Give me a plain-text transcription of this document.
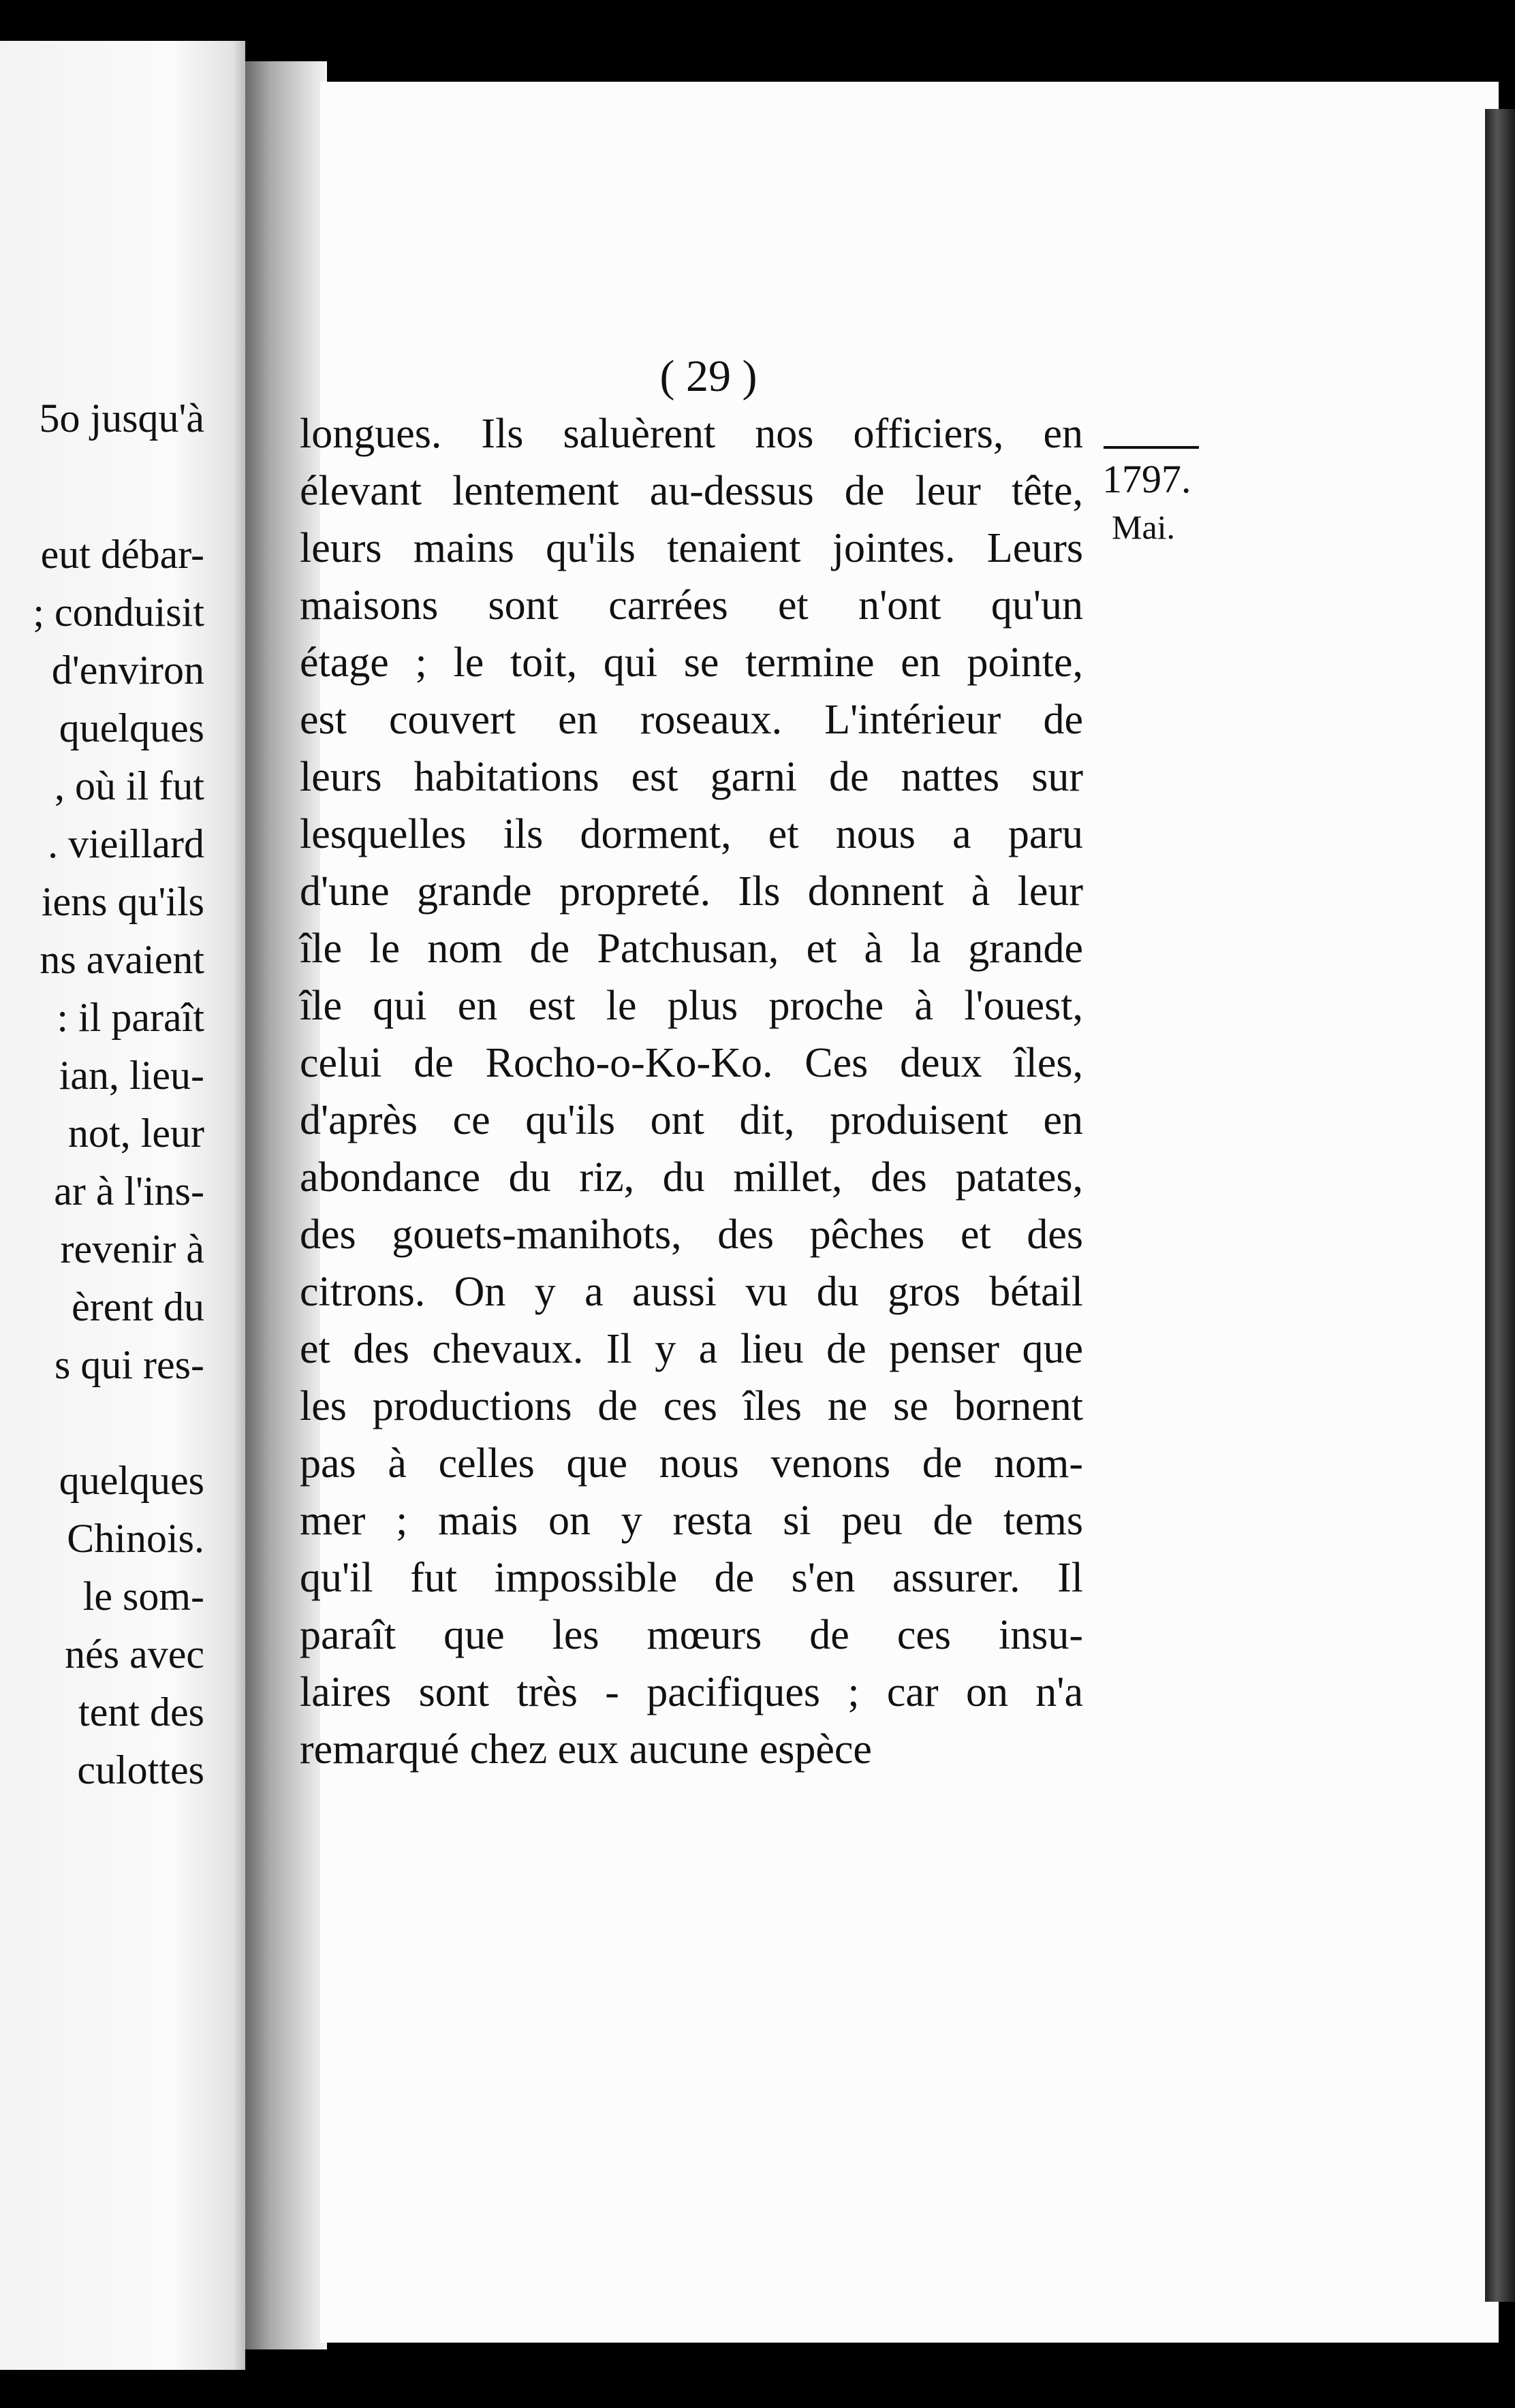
5o jusqu'à
eut débar-
; conduisit
d'environ
quelques
, où il fut
. vieillard
iens qu'ils
ns avaient
: il paraît
ian, lieu-
not, leur
ar à l'ins-
revenir à
èrent du
s qui res-
quelques
Chinois.
le som-
nés avec
tent des
culottes
( 29 )
1797.
Mai.
longues. Ils saluèrent nos officiers, en
élevant lentement au-dessus de leur tête,
leurs mains qu'ils tenaient jointes. Leurs
maisons sont carrées et n'ont qu'un
étage ; le toit, qui se termine en pointe,
est couvert en roseaux. L'intérieur de
leurs habitations est garni de nattes sur
lesquelles ils dorment, et nous a paru
d'une grande propreté. Ils donnent à leur
île le nom de Patchusan, et à la grande
île qui en est le plus proche à l'ouest,
celui de Rocho-o-Ko-Ko. Ces deux îles,
d'après ce qu'ils ont dit, produisent en
abondance du riz, du millet, des patates,
des gouets-manihots, des pêches et des
citrons. On y a aussi vu du gros bétail
et des chevaux. Il y a lieu de penser que
les productions de ces îles ne se bornent
pas à celles que nous venons de nom-
mer ; mais on y resta si peu de tems
qu'il fut impossible de s'en assurer. Il
paraît que les mœurs de ces insu-
laires sont très - pacifiques ; car on n'a
remarqué chez eux aucune espèce
